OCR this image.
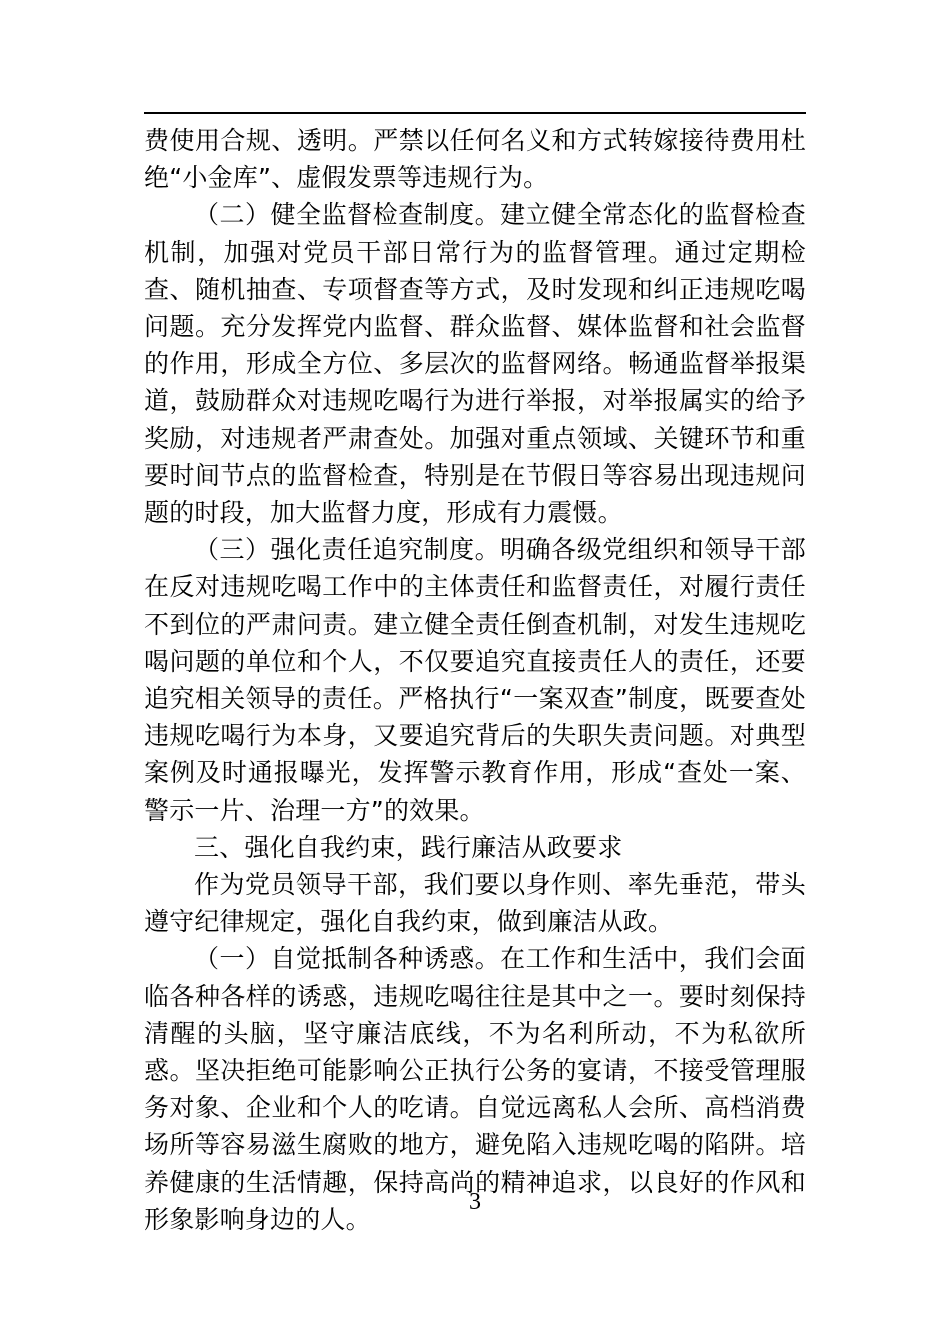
费使用合规、透明。严禁以任何名义和方式转嫁接待费用杜绝“小金库”、虚假发票等违规行为。

（二）健全监督检查制度。建立健全常态化的监督检查机制，加强对党员干部日常行为的监督管理。通过定期检查、随机抽查、专项督查等方式，及时发现和纠正违规吃喝问题。充分发挥党内监督、群众监督、媒体监督和社会监督的作用，形成全方位、多层次的监督网络。畅通监督举报渠道，鼓励群众对违规吃喝行为进行举报，对举报属实的给予奖励，对违规者严肃查处。加强对重点领域、关键环节和重要时间节点的监督检查，特别是在节假日等容易出现违规问题的时段，加大监督力度，形成有力震慑。

（三）强化责任追究制度。明确各级党组织和领导干部在反对违规吃喝工作中的主体责任和监督责任，对履行责任不到位的严肃问责。建立健全责任倒查机制，对发生违规吃喝问题的单位和个人，不仅要追究直接责任人的责任，还要追究相关领导的责任。严格执行“一案双查”制度，既要查处违规吃喝行为本身，又要追究背后的失职失责问题。对典型案例及时通报曝光，发挥警示教育作用，形成“查处一案、警示一片、治理一方”的效果。

三、强化自我约束，践行廉洁从政要求

作为党员领导干部，我们要以身作则、率先垂范，带头遵守纪律规定，强化自我约束，做到廉洁从政。

（一）自觉抵制各种诱惑。在工作和生活中，我们会面临各种各样的诱惑，违规吃喝往往是其中之一。要时刻保持清醒的头脑，坚守廉洁底线，不为名利所动，不为私欲所惑。坚决拒绝可能影响公正执行公务的宴请，不接受管理服务对象、企业和个人的吃请。自觉远离私人会所、高档消费场所等容易滋生腐败的地方，避免陷入违规吃喝的陷阱。培养健康的生活情趣，保持高尚的精神追求，以良好的作风和形象影响身边的人。

3
